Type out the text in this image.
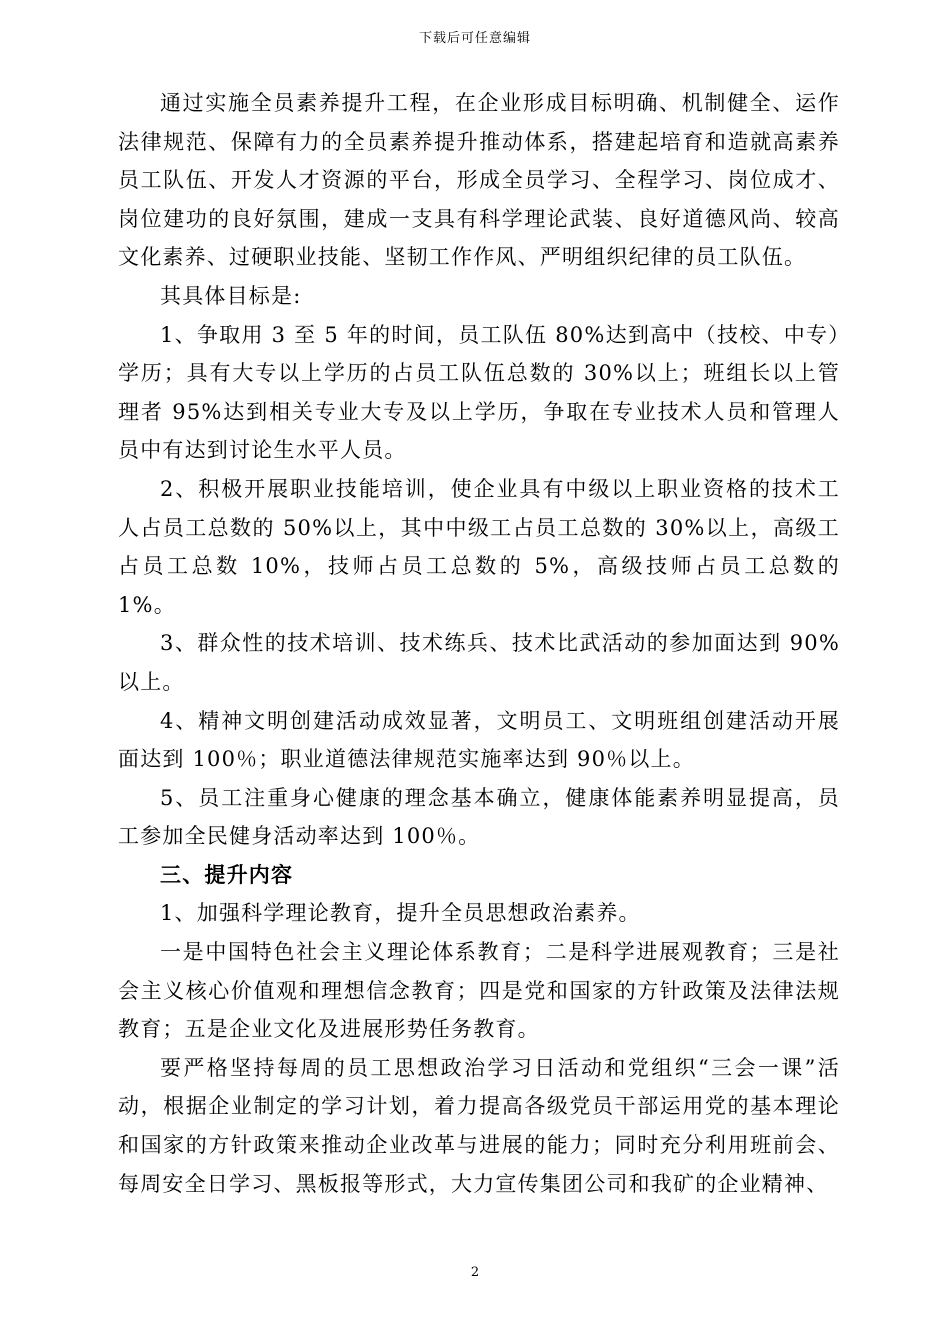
下载后可任意编辑

通过实施全员素养提升工程，在企业形成目标明确、机制健全、运作法律规范、保障有力的全员素养提升推动体系，搭建起培育和造就高素养员工队伍、开发人才资源的平台，形成全员学习、全程学习、岗位成才、岗位建功的良好氛围，建成一支具有科学理论武装、良好道德风尚、较高文化素养、过硬职业技能、坚韧工作作风、严明组织纪律的员工队伍。

其具体目标是:

1、争取用 3 至 5 年的时间，员工队伍 80%达到高中（技校、中专）学历；具有大专以上学历的占员工队伍总数的 30%以上；班组长以上管理者 95%达到相关专业大专及以上学历，争取在专业技术人员和管理人员中有达到讨论生水平人员。

2、积极开展职业技能培训，使企业具有中级以上职业资格的技术工人占员工总数的 50%以上，其中中级工占员工总数的 30%以上，高级工占员工总数 10%，技师占员工总数的 5%，高级技师占员工总数的 1%。

3、群众性的技术培训、技术练兵、技术比武活动的参加面达到 90%以上。

4、精神文明创建活动成效显著，文明员工、文明班组创建活动开展面达到 100％；职业道德法律规范实施率达到 90％以上。

5、员工注重身心健康的理念基本确立，健康体能素养明显提高，员工参加全民健身活动率达到 100％。

三、提升内容

1、加强科学理论教育，提升全员思想政治素养。

一是中国特色社会主义理论体系教育；二是科学进展观教育；三是社会主义核心价值观和理想信念教育；四是党和国家的方针政策及法律法规教育；五是企业文化及进展形势任务教育。

要严格坚持每周的员工思想政治学习日活动和党组织“三会一课”活动，根据企业制定的学习计划，着力提高各级党员干部运用党的基本理论和国家的方针政策来推动企业改革与进展的能力；同时充分利用班前会、每周安全日学习、黑板报等形式，大力宣传集团公司和我矿的企业精神、

2
